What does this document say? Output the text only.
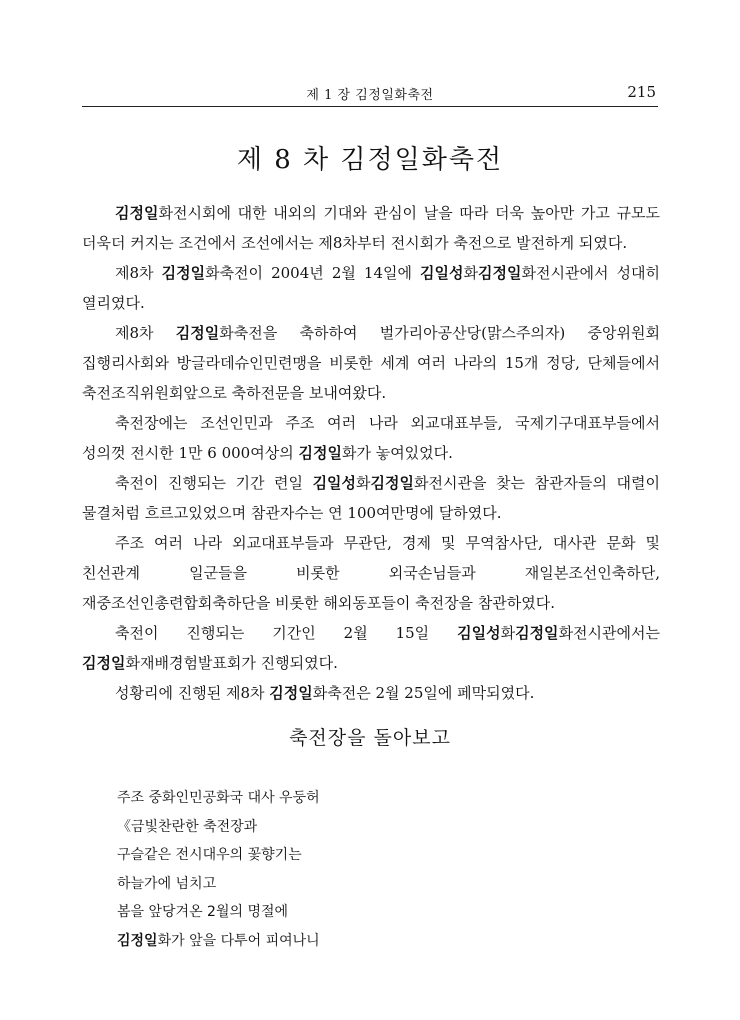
제 1 장 김정일화축전	215
제 8 차 김정일화축전

김정일화전시회에 대한 내외의 기대와 관심이 날을 따라 더욱 높아만 가고 규모도 더욱더 커지는 조건에서 조선에서는 제8차부터 전시회가 축전으로 발전하게 되였다.

제8차 김정일화축전이 2004년 2월 14일에 김일성화김정일화전시관에서 성대히 열리였다.

제8차 김정일화축전을 축하하여 벌가리아공산당(맑스주의자) 중앙위원회 집행리사회와 방글라데슈인민련맹을 비롯한 세계 여러 나라의 15개 정당, 단체들에서 축전조직위원회앞으로 축하전문을 보내여왔다.

축전장에는 조선인민과 주조 여러 나라 외교대표부들, 국제기구대표부들에서 성의껏 전시한 1만 6 000여상의 김정일화가 놓여있었다.

축전이 진행되는 기간 련일 김일성화김정일화전시관을 찾는 참관자들의 대렬이 물결처럼 흐르고있었으며 참관자수는 연 100여만명에 달하였다.

주조 여러 나라 외교대표부들과 무관단, 경제 및 무역참사단, 대사관 문화 및 친선관계 일군들을 비롯한 외국손님들과 재일본조선인축하단, 재중조선인총련합회축하단을 비롯한 해외동포들이 축전장을 참관하였다.

축전이 진행되는 기간인 2월 15일 김일성화김정일화전시관에서는 김정일화재배경험발표회가 진행되였다.

성황리에 진행된 제8차 김정일화축전은 2월 25일에 페막되였다.

축전장을 돌아보고
주조 중화인민공화국 대사 우둥허
《금빛찬란한 축전장과
구슬같은 전시대우의 꽃향기는
하늘가에 넘치고
봄을 앞당겨온 2월의 명절에
김정일화가 앞을 다투어 피여나니
